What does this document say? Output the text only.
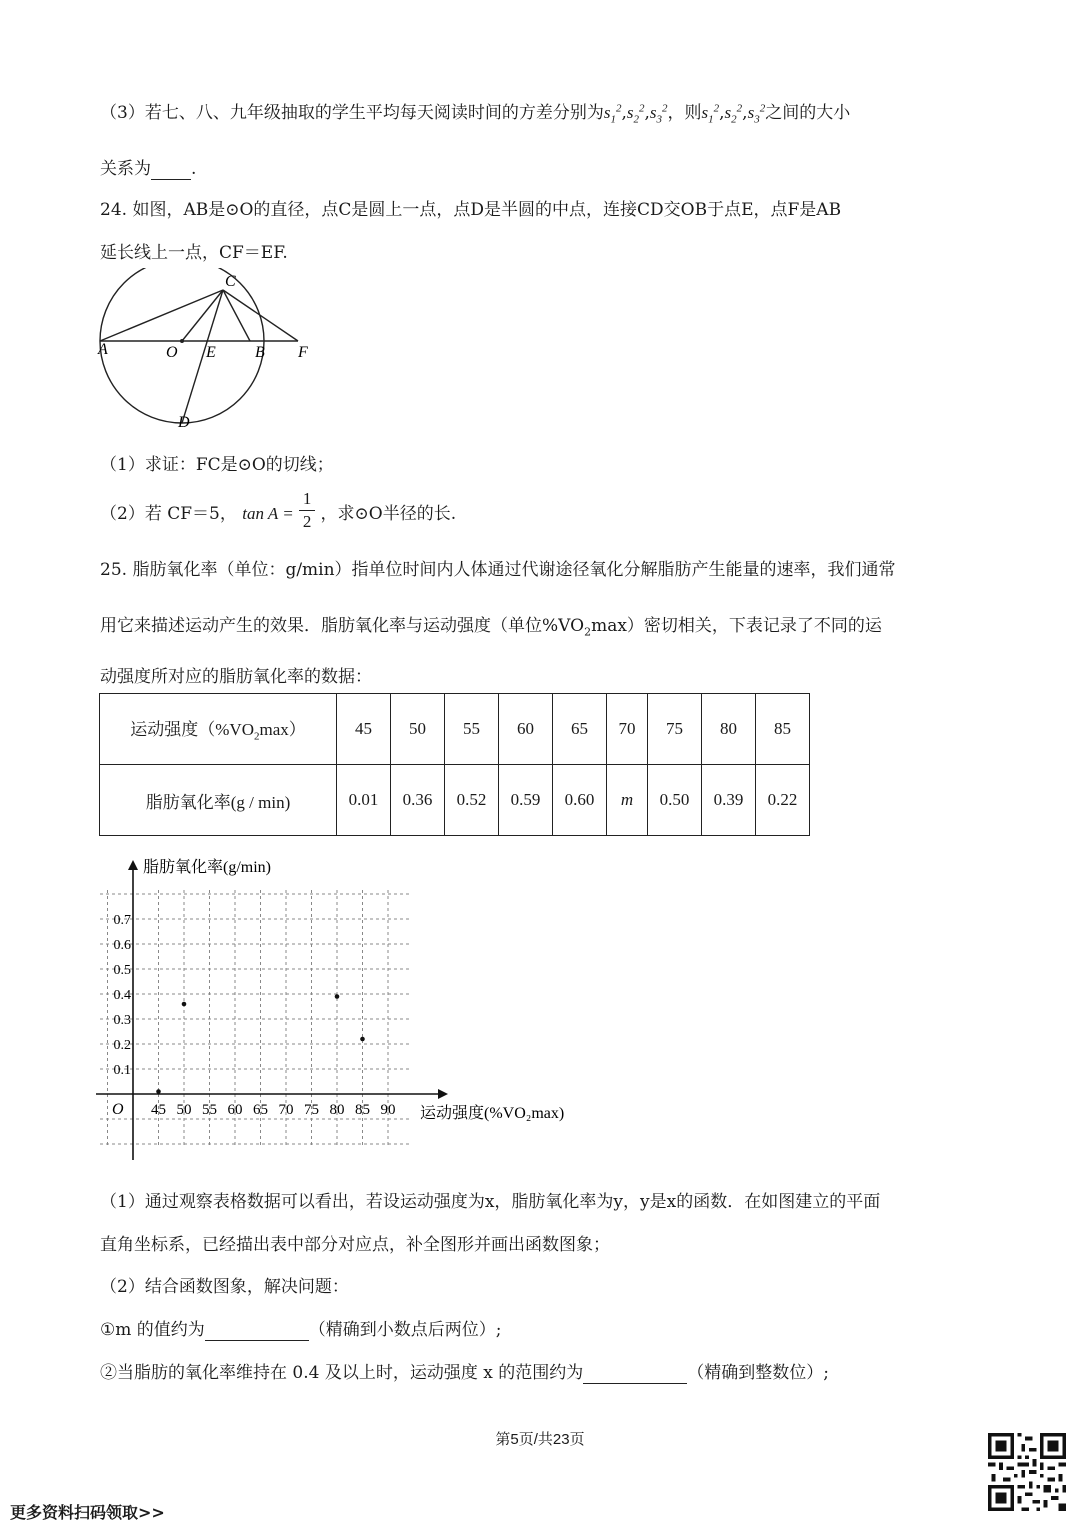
（3）若七、八、九年级抽取的学生平均每天阅读时间的方差分别为$s_1^2,s_2^2,s_3^2$，则$s_1^2,s_2^2,s_3^2$之间的大小
关系为 .
24. 如图，AB是⊙O的直径，点C是圆上一点，点D是半圆的中点，连接CD交OB于点E，点F是AB
延长线上一点，CF＝EF.
A	O E B F
C
D
（1）求证：FC是⊙O的切线；
（2）若 CF＝5， $\tan A = \frac{1}{2}$ ，求⊙O半径的长.
25. 脂肪氧化率（单位：g/min）指单位时间内人体通过代谢途径氧化分解脂肪产生能量的速率，我们通常
用它来描述运动产生的效果．脂肪氧化率与运动强度（单位$\%VO_2\max$）密切相关，下表记录了不同的运
动强度所对应的脂肪氧化率的数据：
运动强度$(\%VO_2\max)$	45	50	55	60	65	70	75	80	85
脂肪氧化率(g / min)	0.01	0.36	0.52	0.59	0.60	m	0.50	0.39	0.22
脂肪氧化率(g/min)
运动强度(%VO₂max)
O 45 50 55 60 65 70 75 80 85 90
0.1
0.2
0.3
0.4
0.5
0.6
0.7
（1）通过观察表格数据可以看出，若设运动强度为x，脂肪氧化率为y，y是x的函数．在如图建立的平面
直角坐标系，已经描出表中部分对应点，补全图形并画出函数图象；
（2）结合函数图象，解决问题：
①m 的值约为	（精确到小数点后两位）;
②当脂肪的氧化率维持在 0.4 及以上时，运动强度 x 的范围约为	（精确到整数位）;
第5页/共23页
更多资料扫码领取>>
